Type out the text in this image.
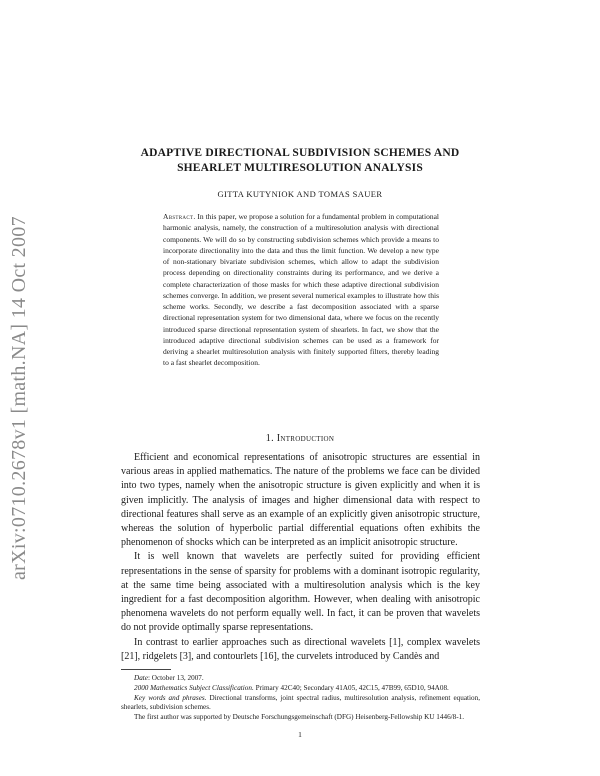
arXiv:0710.2678v1 [math.NA] 14 Oct 2007
ADAPTIVE DIRECTIONAL SUBDIVISION SCHEMES AND
SHEARLET MULTIRESOLUTION ANALYSIS
GITTA KUTYNIOK AND TOMAS SAUER

Abstract. In this paper, we propose a solution for a fundamental problem in computational harmonic analysis, namely, the construction of a multiresolution analysis with directional components. We will do so by constructing subdivision schemes which provide a means to incorporate directionality into the data and thus the limit function. We develop a new type of non-stationary bivariate subdivision schemes, which allow to adapt the subdivision process depending on directionality constraints during its performance, and we derive a complete characterization of those masks for which these adaptive directional subdivision schemes converge. In addition, we present several numerical examples to illustrate how this scheme works. Secondly, we describe a fast decomposition associated with a sparse directional representation system for two dimensional data, where we focus on the recently introduced sparse directional representation system of shearlets. In fact, we show that the introduced adaptive directional subdivision schemes can be used as a framework for deriving a shearlet multiresolution analysis with finitely supported filters, thereby leading to a fast shearlet decomposition.

1. Introduction

Efficient and economical representations of anisotropic structures are essential in various areas in applied mathematics. The nature of the problems we face can be divided into two types, namely when the anisotropic structure is given explicitly and when it is given implicitly. The analysis of images and higher dimensional data with respect to directional features shall serve as an example of an explicitly given anisotropic structure, whereas the solution of hyperbolic partial differential equations often exhibits the phenomenon of shocks which can be interpreted as an implicit anisotropic structure.

It is well known that wavelets are perfectly suited for providing efficient representations in the sense of sparsity for problems with a dominant isotropic regularity, at the same time being associated with a multiresolution analysis which is the key ingredient for a fast decomposition algorithm. However, when dealing with anisotropic phenomena wavelets do not perform equally well. In fact, it can be proven that wavelets do not provide optimally sparse representations.

In contrast to earlier approaches such as directional wavelets [1], complex wavelets [21], ridgelets [3], and contourlets [16], the curvelets introduced by Candès and

Date: October 13, 2007.

2000 Mathematics Subject Classification. Primary 42C40; Secondary 41A05, 42C15, 47B99, 65D10, 94A08.

Key words and phrases. Directional transforms, joint spectral radius, multiresolution analysis, refinement equation, shearlets, subdivision schemes.

The first author was supported by Deutsche Forschungsgemeinschaft (DFG) Heisenberg-Fellowship KU 1446/8-1.

1
